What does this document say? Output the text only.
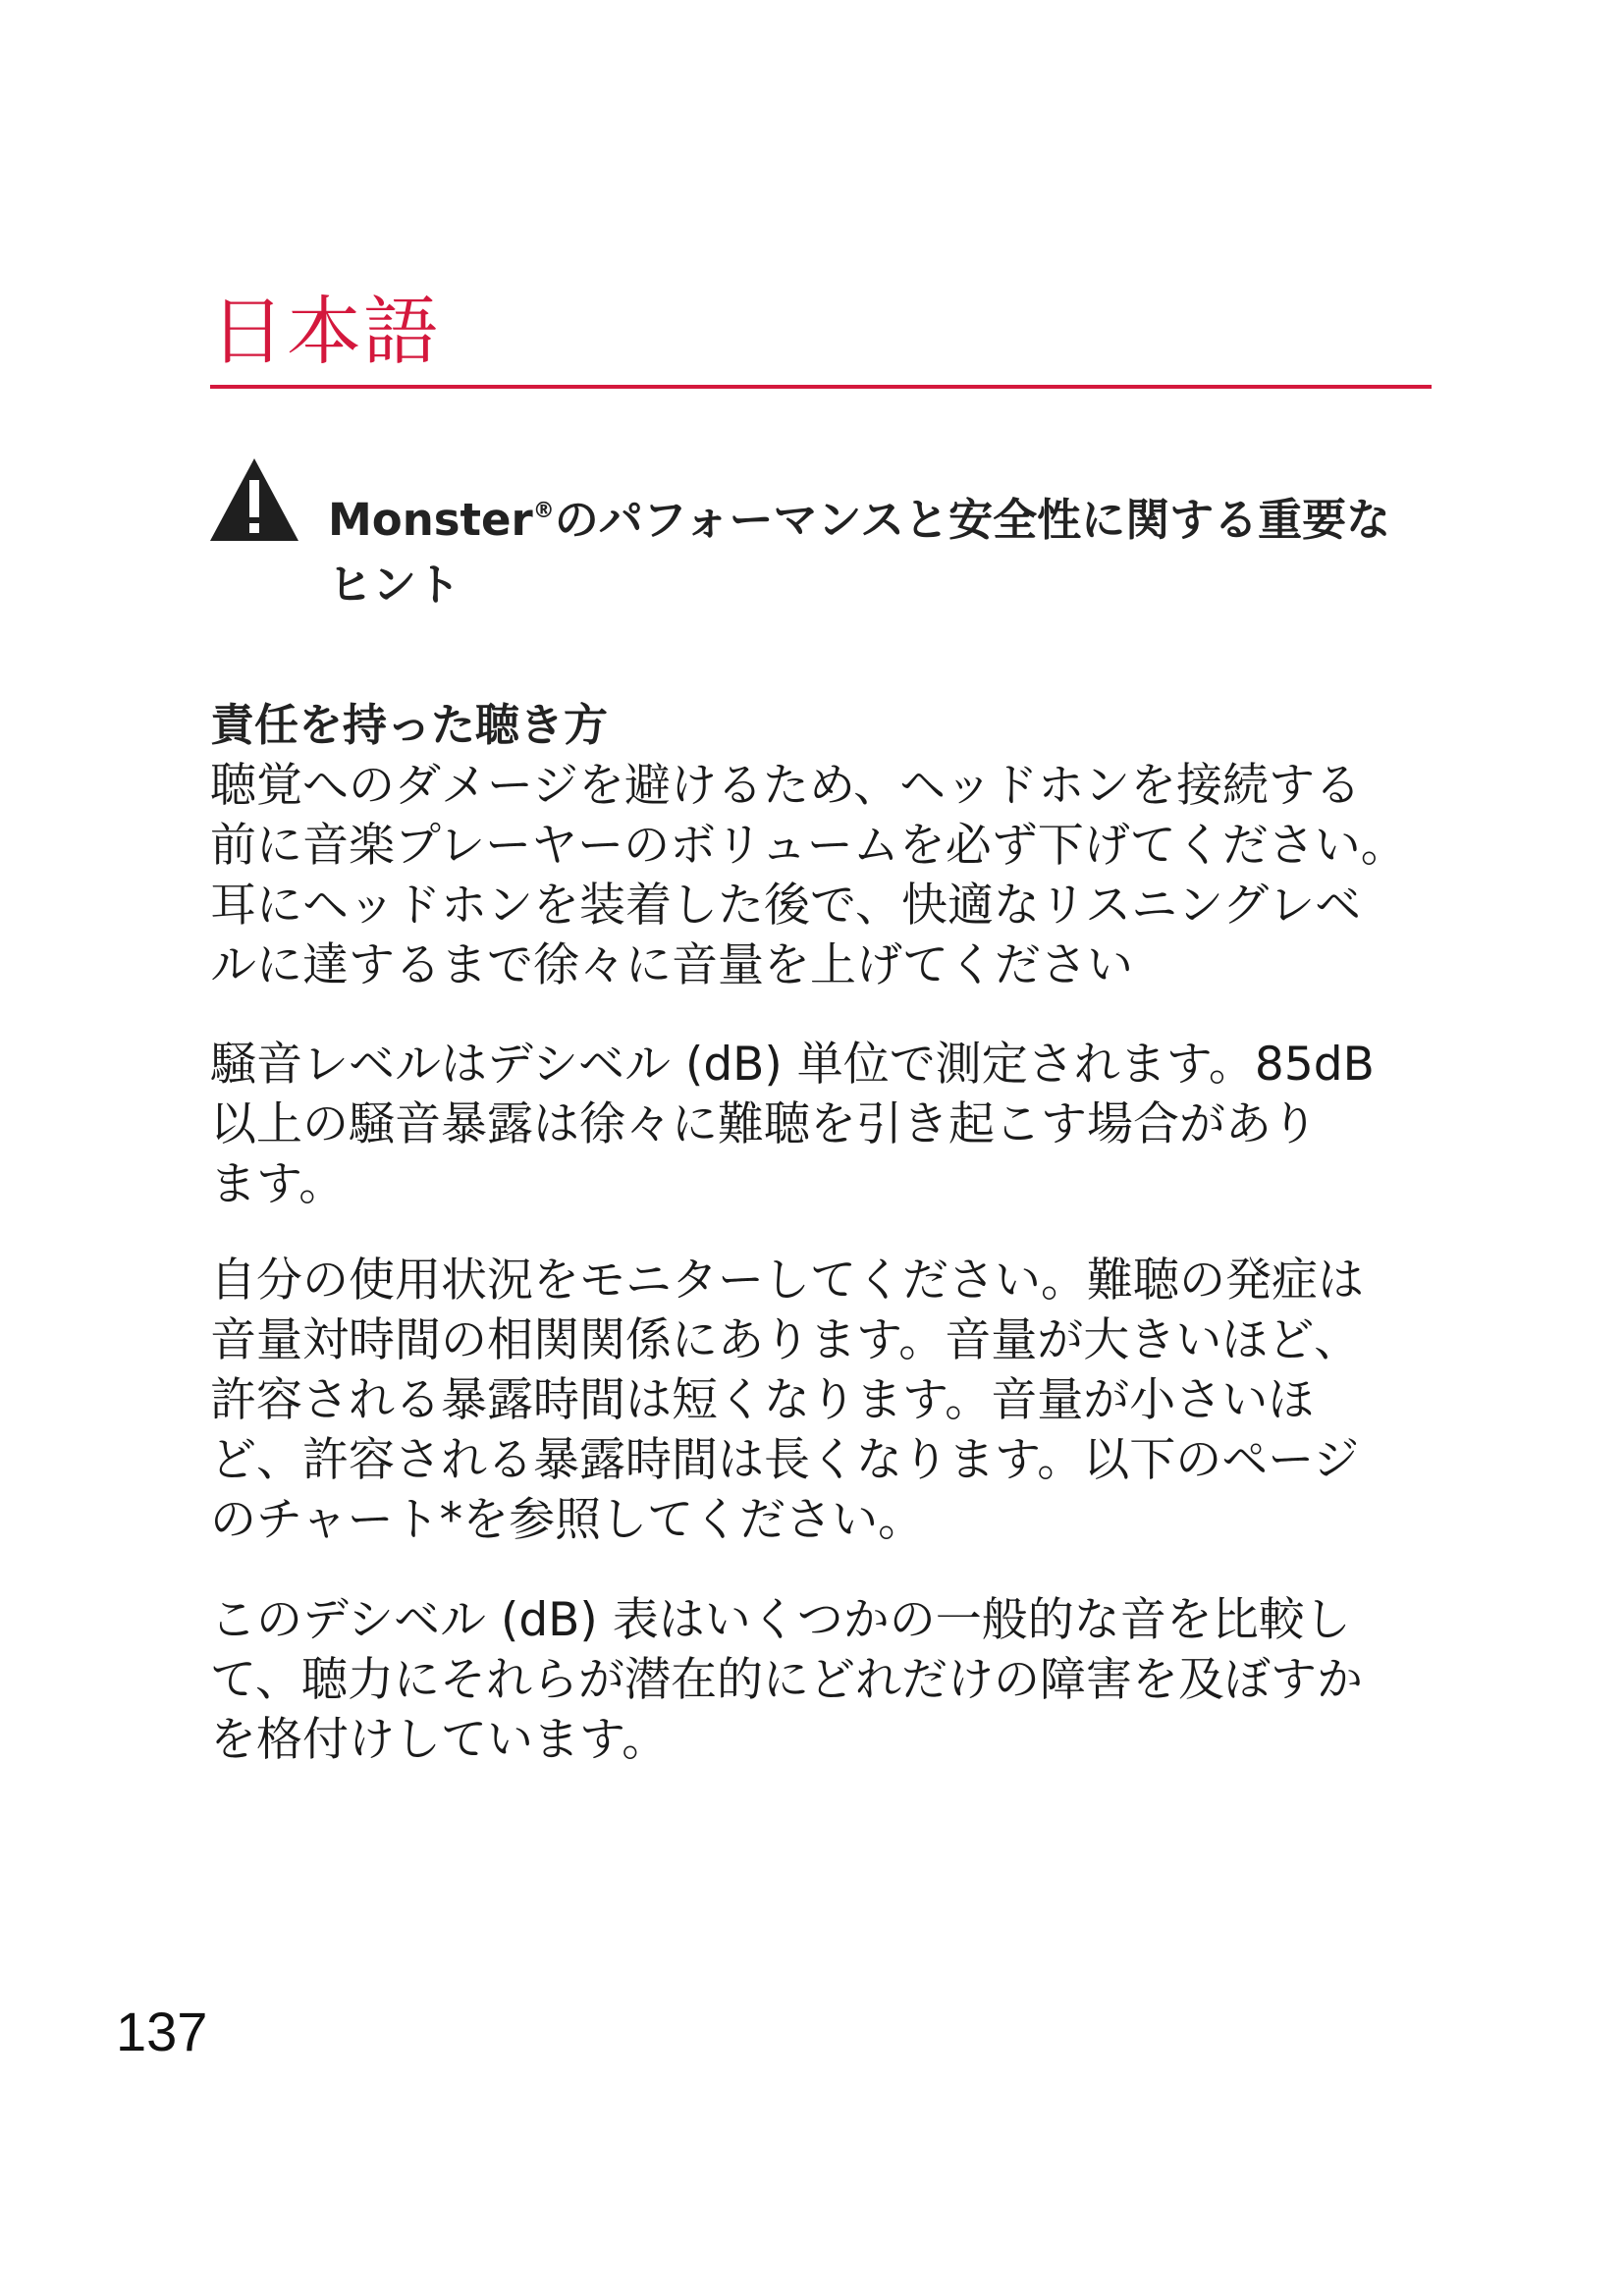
日本語
Monster®のパフォーマンスと安全性に関する重要なヒント
責任を持った聴き方

聴覚へのダメージを避けるため、ヘッドホンを接続する
前に音楽プレーヤーのボリュームを必ず下げてください。
耳にヘッドホンを装着した後で、快適なリスニングレベ
ルに達するまで徐々に音量を上げてください

騒音レベルはデシベル (dB) 単位で測定されます。85dB
以上の騒音暴露は徐々に難聴を引き起こす場合があり
ます。

自分の使用状況をモニターしてください。難聴の発症は
音量対時間の相関関係にあります。音量が大きいほど、
許容される暴露時間は短くなります。音量が小さいほ
ど、許容される暴露時間は長くなります。以下のページ
のチャート*を参照してください。

このデシベル (dB) 表はいくつかの一般的な音を比較し
て、聴力にそれらが潜在的にどれだけの障害を及ぼすか
を格付けしています。

137
